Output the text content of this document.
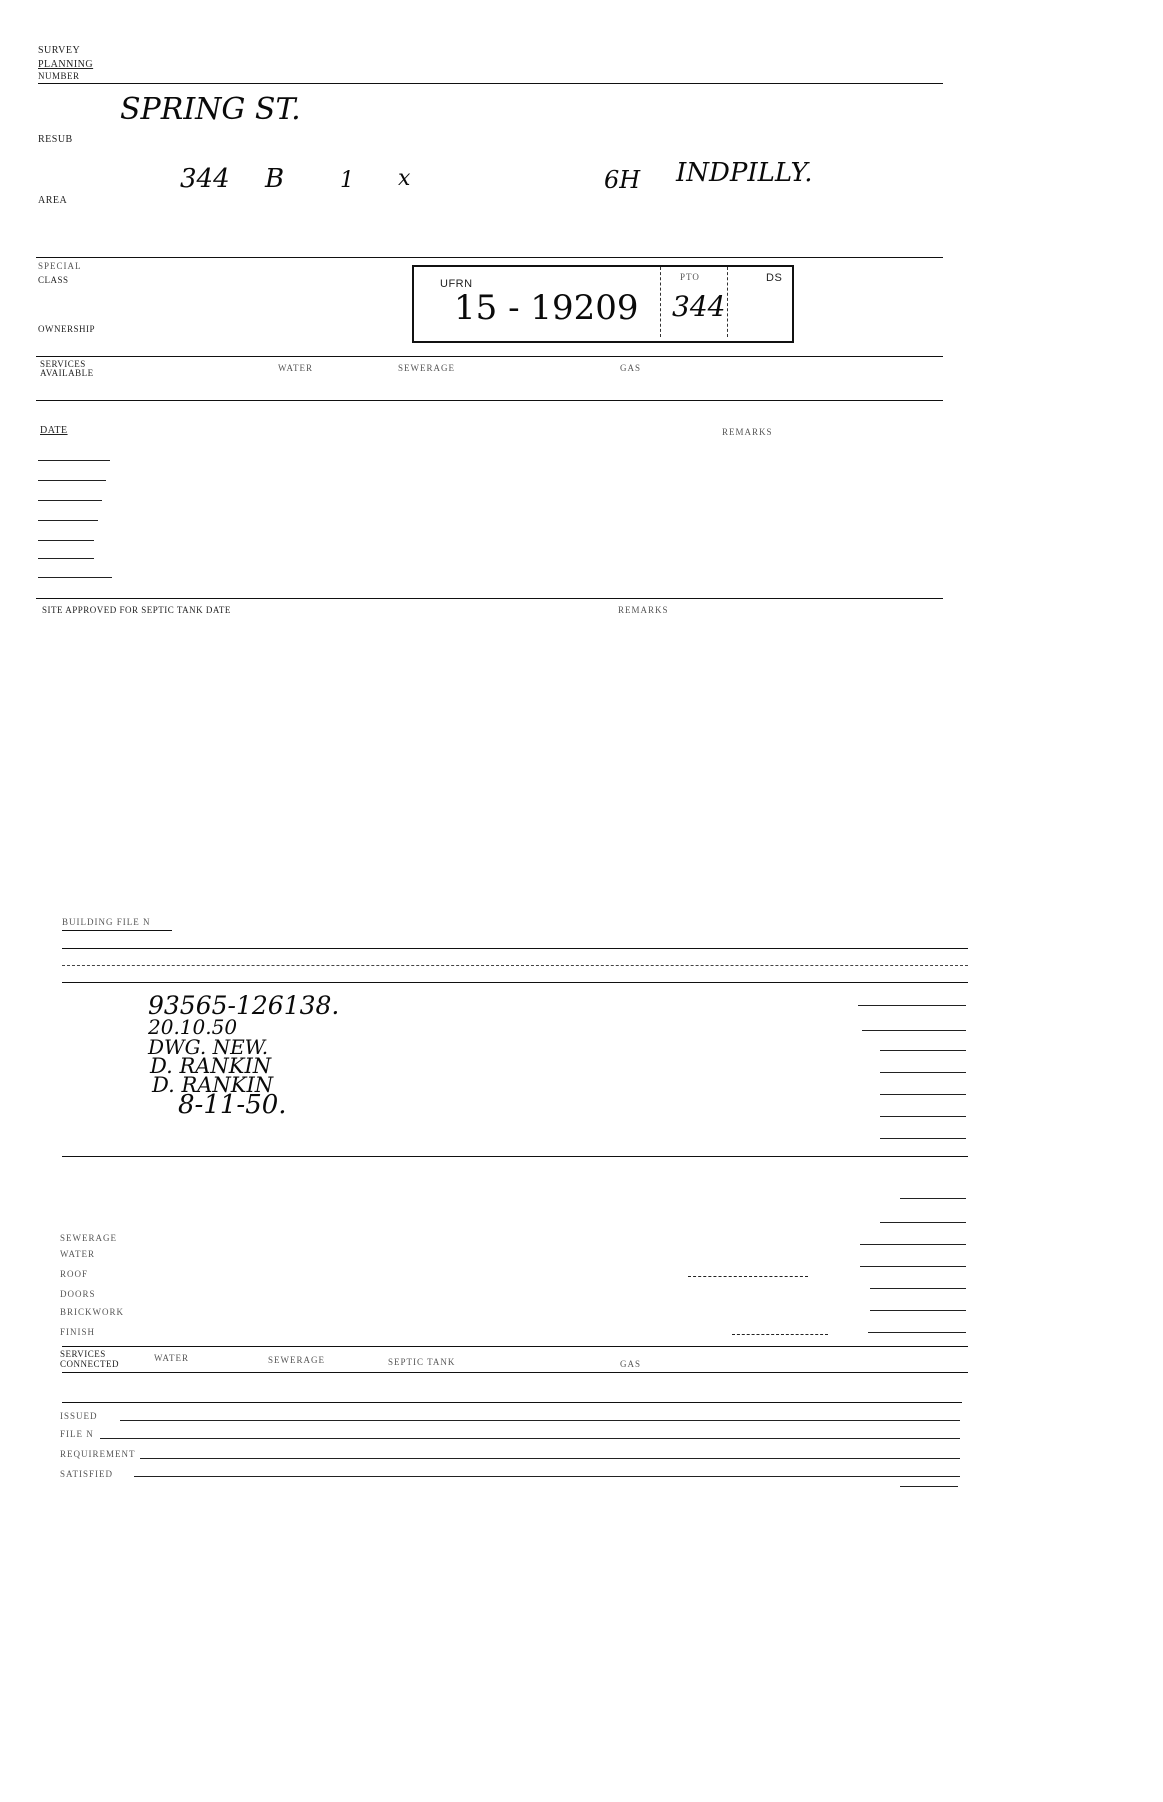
SURVEY
PLANNING
NUMBER
SPRING ST.
RESUB
344 B	1 x	6H INDPILLY.
AREA
SPECIAL
CLASS
OWNERSHIP
UFRN
15 - 19209
PTO	DS
344
SERVICES AVAILABLE
WATER	SEWERAGE	GAS
DATE	REMARKS
SITE APPROVED FOR SEPTIC TANK DATE	REMARKS
BUILDING FILE N
93565-126138.
20.10.50
DWG. NEW.
D. RANKIN
D. RANKIN
8-11-50.
WATER
SEWERAGE
ROOF
DOORS
BRICKWORK
FINISH
SERVICES CONNECTED
WATER	SEWERAGE	SEPTIC TANK	GAS
ISSUED
FILE N
REQUIREMENT
SATISFIED
